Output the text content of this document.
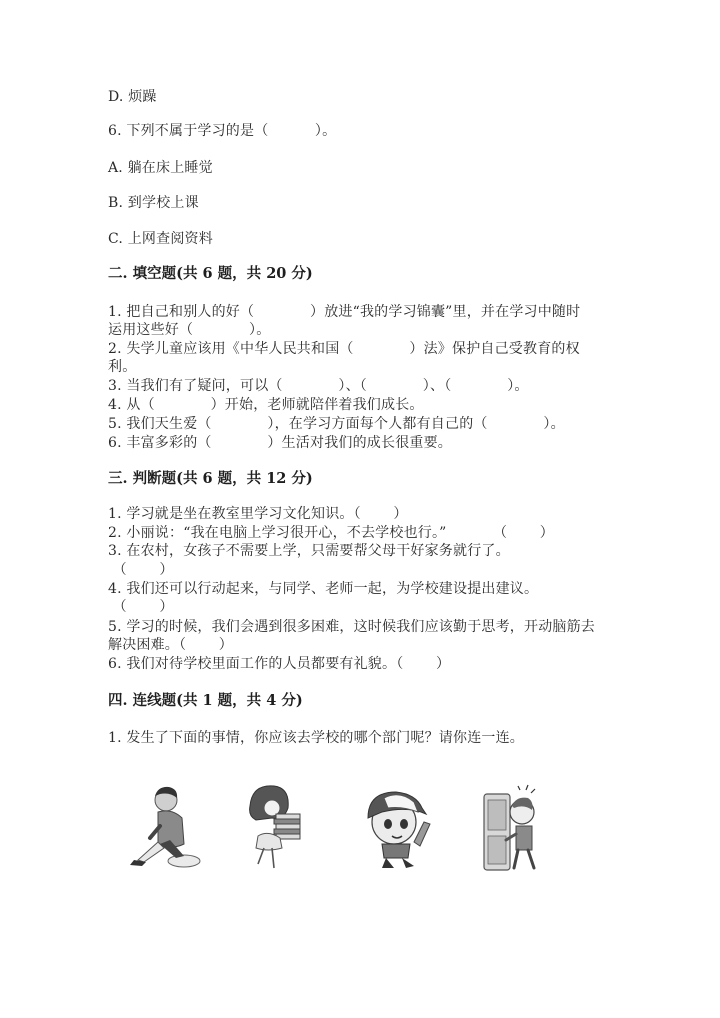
D. 烦躁
6. 下列不属于学习的是（          ）。
A. 躺在床上睡觉
B. 到学校上课
C. 上网查阅资料
二. 填空题(共 6 题，共 20 分)
1. 把自己和别人的好（            ）放进“我的学习锦囊”里，并在学习中随时
运用这些好（            ）。
2. 失学儿童应该用《中华人民共和国（            ）法》保护自己受教育的权
利。
3. 当我们有了疑问，可以（            ）、（            ）、（            ）。
4. 从（            ）开始，老师就陪伴着我们成长。
5. 我们天生爱（            ），在学习方面每个人都有自己的（            ）。
6. 丰富多彩的（            ）生活对我们的成长很重要。
三. 判断题(共 6 题，共 12 分)
1. 学习就是坐在教室里学习文化知识。（       ）
2. 小丽说：“我在电脑上学习很开心，不去学校也行。”          （       ）
3. 在农村，女孩子不需要上学，只需要帮父母干好家务就行了。
（       ）
4. 我们还可以行动起来，与同学、老师一起，为学校建设提出建议。
（       ）
5. 学习的时候，我们会遇到很多困难，这时候我们应该勤于思考，开动脑筋去
解决困难。（       ）
6. 我们对待学校里面工作的人员都要有礼貌。（       ）
四. 连线题(共 1 题，共 4 分)
1. 发生了下面的事情，你应该去学校的哪个部门呢？请你连一连。
